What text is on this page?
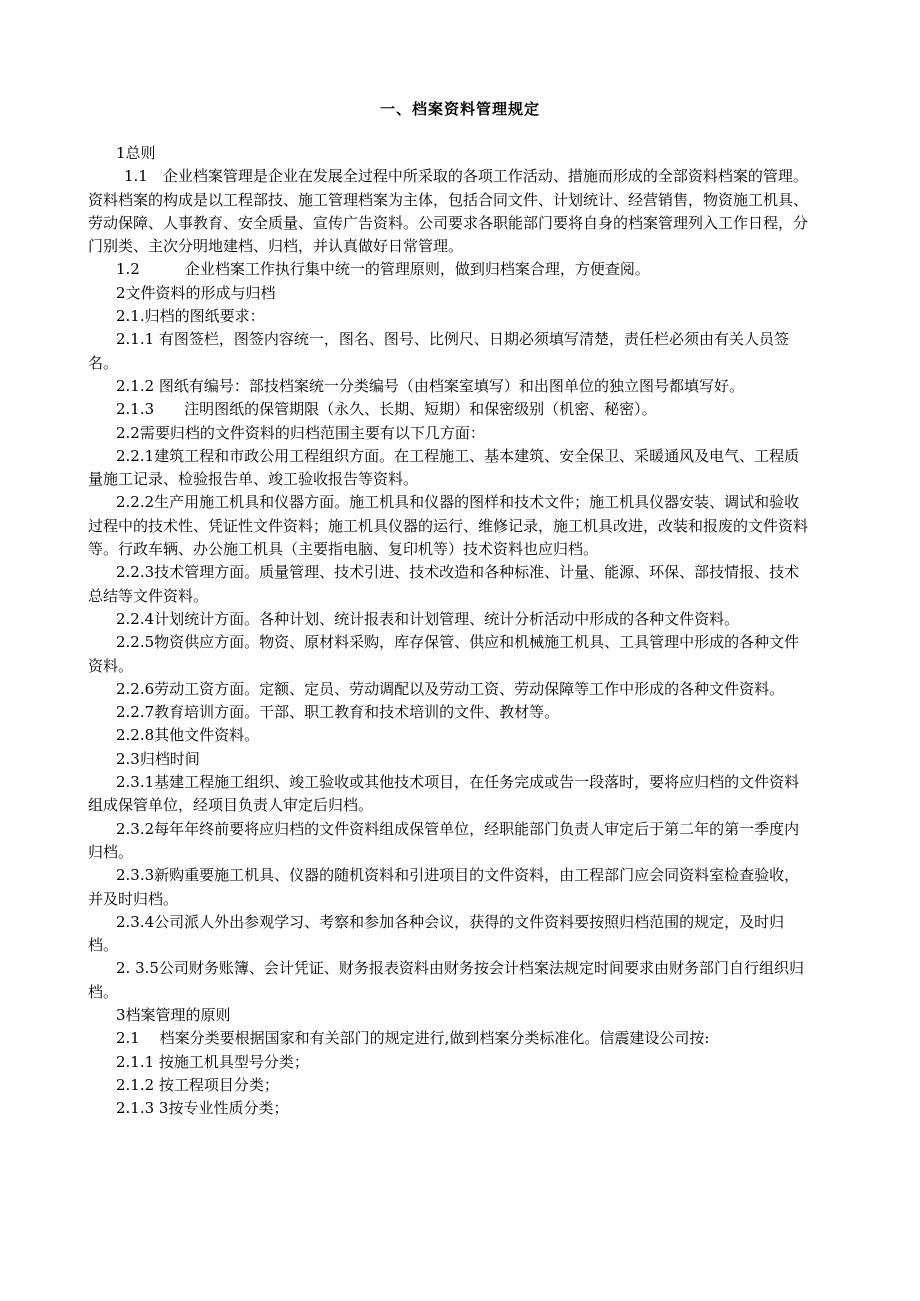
一、档案资料管理规定

1总则

1.1　企业档案管理是企业在发展全过程中所采取的各项工作活动、措施而形成的全部资料档案的管理。资料档案的构成是以工程部技、施工管理档案为主体，包括合同文件、计划统计、经营销售，物资施工机具、劳动保障、人事教育、安全质量、宣传广告资料。公司要求各职能部门要将自身的档案管理列入工作日程，分门别类、主次分明地建档、归档，并认真做好日常管理。

1.2　　　企业档案工作执行集中统一的管理原则，做到归档案合理，方便查阅。

2文件资料的形成与归档

2.1.归档的图纸要求：

2.1.1 有图签栏，图签内容统一，图名、图号、比例尺、日期必须填写清楚，责任栏必须由有关人员签名。

2.1.2 图纸有编号：部技档案统一分类编号（由档案室填写）和出图单位的独立图号都填写好。

2.1.3　　注明图纸的保管期限（永久、长期、短期）和保密级别（机密、秘密）。

2.2需要归档的文件资料的归档范围主要有以下几方面：

2.2.1建筑工程和市政公用工程组织方面。在工程施工、基本建筑、安全保卫、采暖通风及电气、工程质量施工记录、检验报告单、竣工验收报告等资料。

2.2.2生产用施工机具和仪器方面。施工机具和仪器的图样和技术文件；施工机具仪器安装、调试和验收过程中的技术性、凭证性文件资料；施工机具仪器的运行、维修记录，施工机具改进，改装和报废的文件资料等。行政车辆、办公施工机具（主要指电脑、复印机等）技术资料也应归档。

2.2.3技术管理方面。质量管理、技术引进、技术改造和各种标准、计量、能源、环保、部技情报、技术总结等文件资料。

2.2.4计划统计方面。各种计划、统计报表和计划管理、统计分析活动中形成的各种文件资料。

2.2.5物资供应方面。物资、原材料采购，库存保管、供应和机械施工机具、工具管理中形成的各种文件资料。

2.2.6劳动工资方面。定额、定员、劳动调配以及劳动工资、劳动保障等工作中形成的各种文件资料。

2.2.7教育培训方面。干部、职工教育和技术培训的文件、教材等。

2.2.8其他文件资料。

2.3归档时间

2.3.1基建工程施工组织、竣工验收或其他技术项目，在任务完成或告一段落时，要将应归档的文件资料组成保管单位，经项目负责人审定后归档。

2.3.2每年年终前要将应归档的文件资料组成保管单位，经职能部门负责人审定后于第二年的第一季度内归档。

2.3.3新购重要施工机具、仪器的随机资料和引进项目的文件资料，由工程部门应会同资料室检查验收，并及时归档。

2.3.4公司派人外出参观学习、考察和参加各种会议，获得的文件资料要按照归档范围的规定，及时归档。

2. 3.5公司财务账簿、会计凭证、财务报表资料由财务按会计档案法规定时间要求由财务部门自行组织归档。

3档案管理的原则

2.1　 档案分类要根据国家和有关部门的规定进行,做到档案分类标准化。信震建设公司按:

2.1.1 按施工机具型号分类；

2.1.2 按工程项目分类；

2.1.3 3按专业性质分类；
